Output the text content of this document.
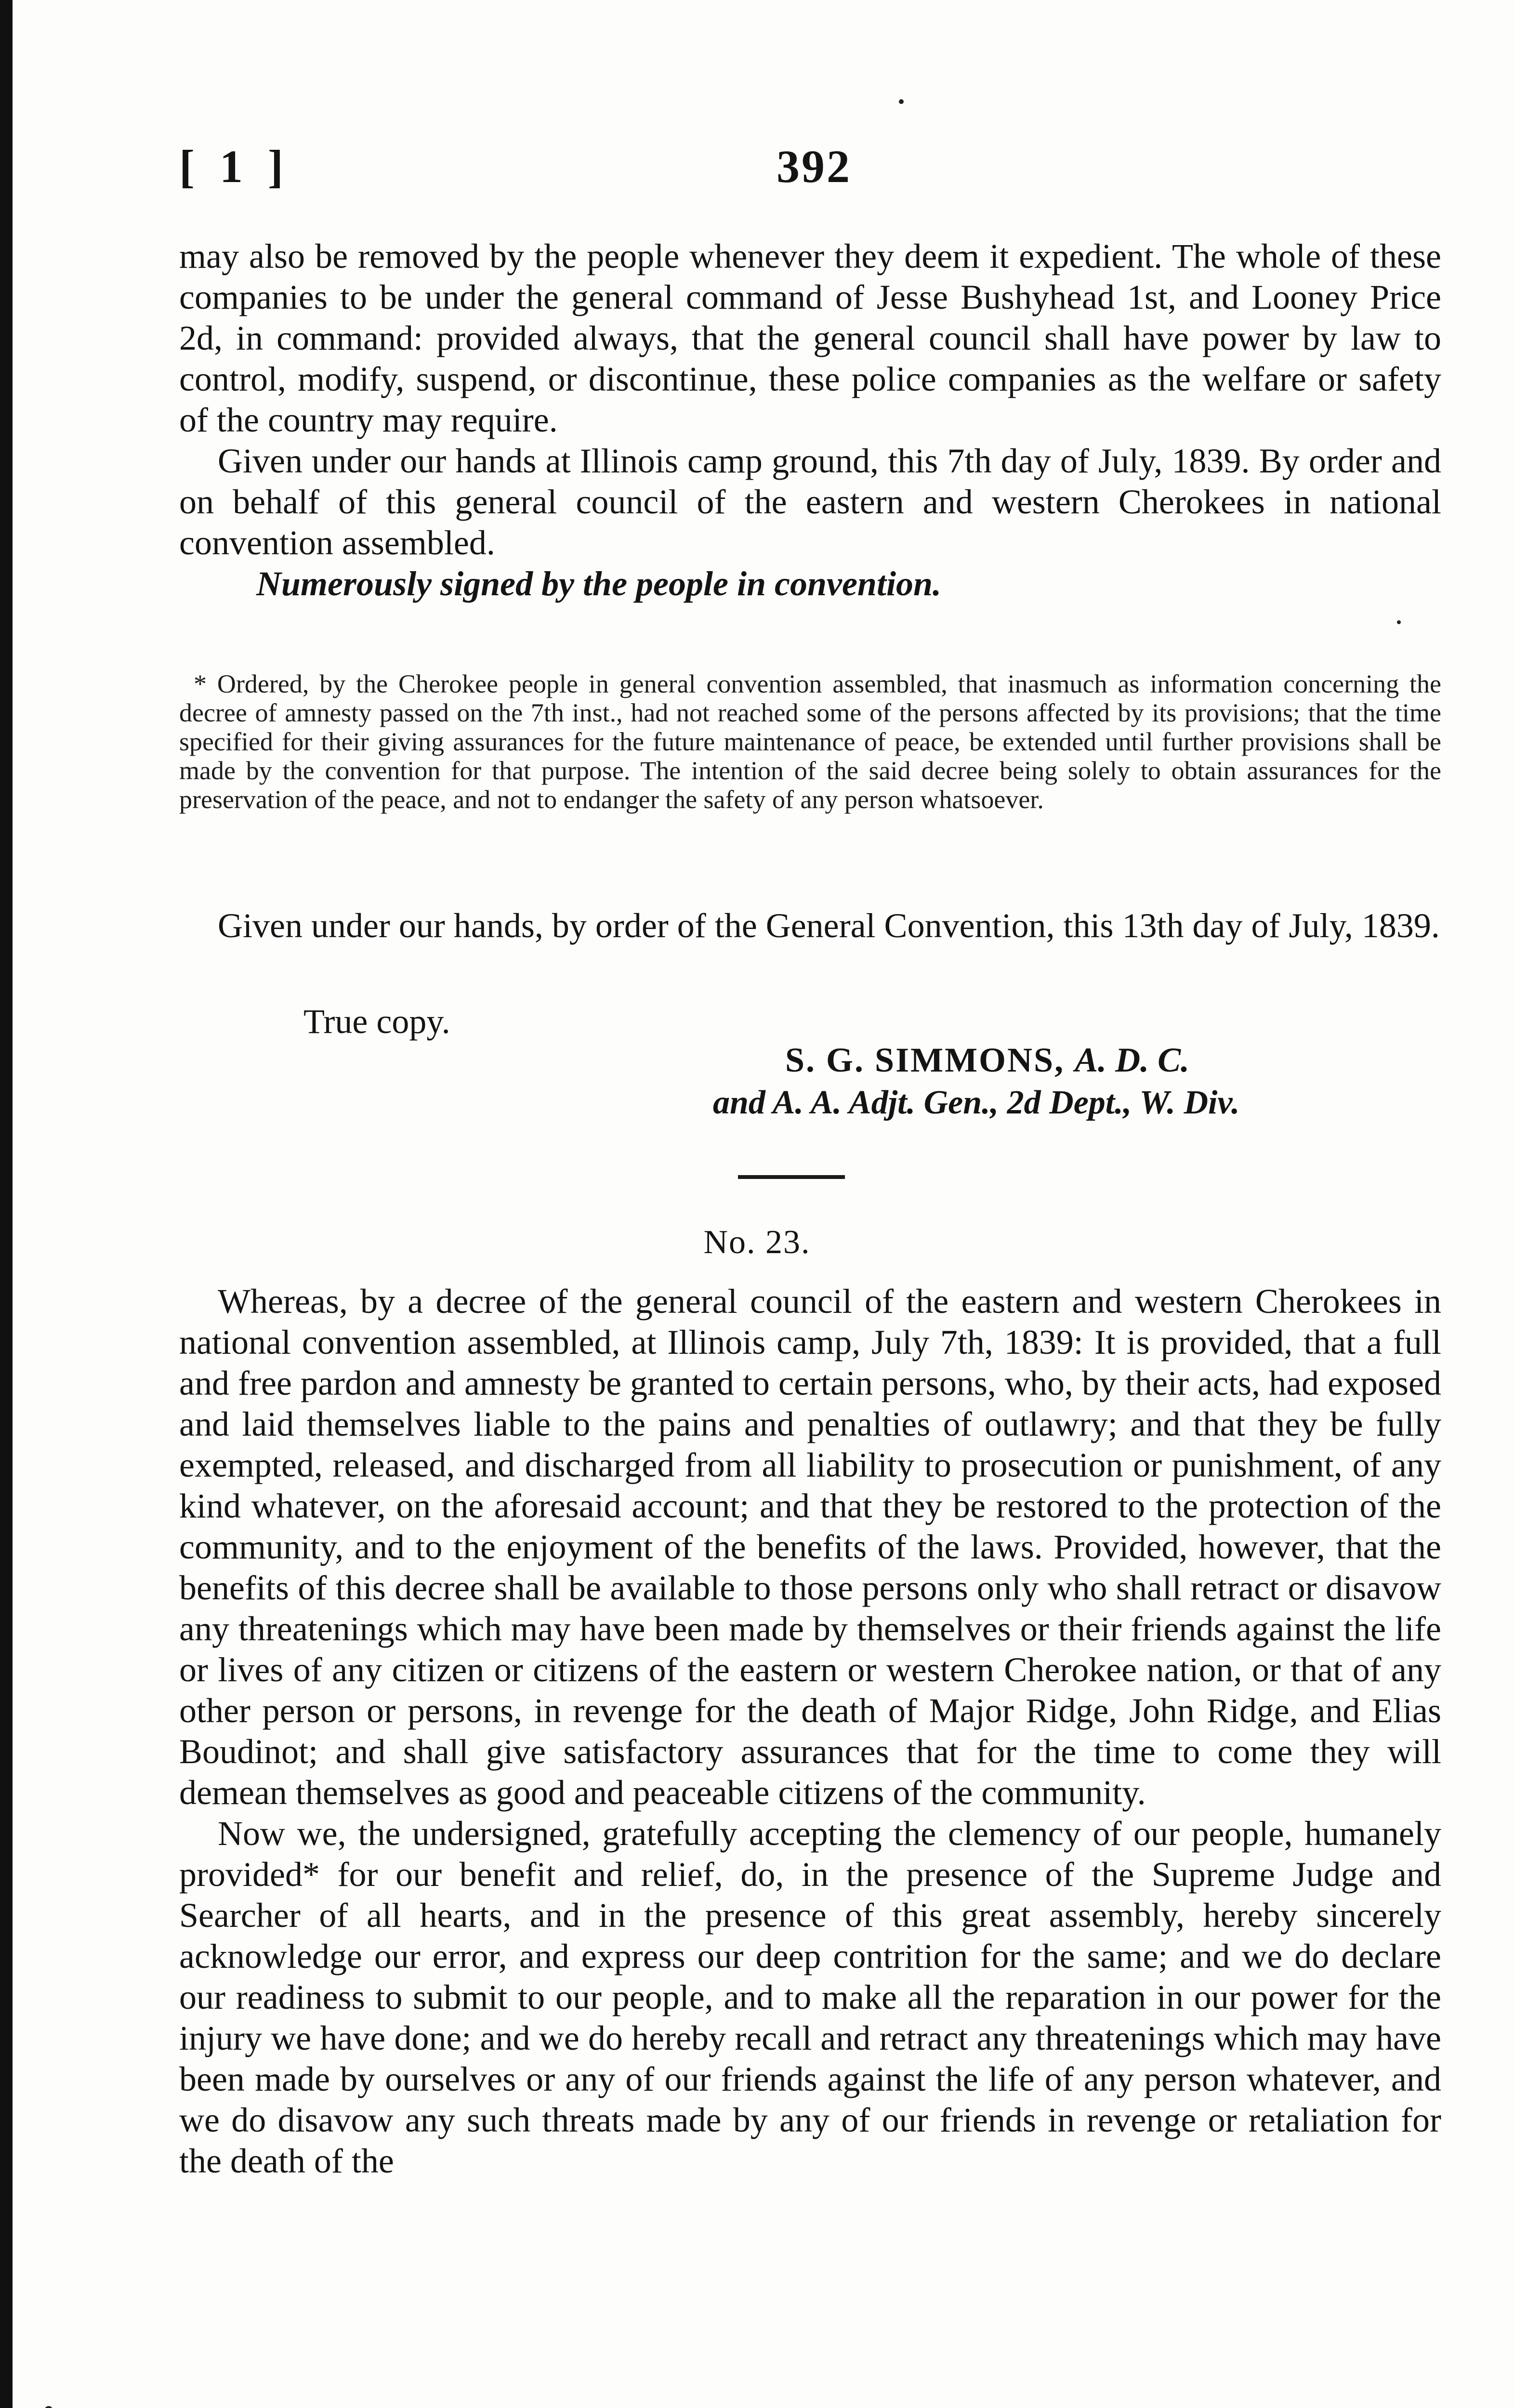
[ 1 ]	392

may also be removed by the people whenever they deem it expedient. The whole of these companies to be under the general command of Jesse Bushyhead 1st, and Looney Price 2d, in command: provided always, that the general council shall have power by law to control, modify, suspend, or discontinue, these police companies as the welfare or safety of the country may require.

Given under our hands at Illinois camp ground, this 7th day of July, 1839. By order and on behalf of this general council of the eastern and western Cherokees in national convention assembled.

Numerously signed by the people in convention.

* Ordered, by the Cherokee people in general convention assembled, that inasmuch as information concerning the decree of amnesty passed on the 7th inst., had not reached some of the persons affected by its provisions; that the time specified for their giving assurances for the future maintenance of peace, be extended until further provisions shall be made by the convention for that purpose. The intention of the said decree being solely to obtain assurances for the preservation of the peace, and not to endanger the safety of any person whatsoever.

Given under our hands, by order of the General Convention, this 13th day of July, 1839.

True copy.
S. G. SIMMONS, A. D. C.
and A. A. Adjt. Gen., 2d Dept., W. Div.
No. 23.

Whereas, by a decree of the general council of the eastern and western Cherokees in national convention assembled, at Illinois camp, July 7th, 1839: It is provided, that a full and free pardon and amnesty be granted to certain persons, who, by their acts, had exposed and laid themselves liable to the pains and penalties of outlawry; and that they be fully exempted, released, and discharged from all liability to prosecution or punishment, of any kind whatever, on the aforesaid account; and that they be restored to the protection of the community, and to the enjoyment of the benefits of the laws. Provided, however, that the benefits of this decree shall be available to those persons only who shall retract or disavow any threatenings which may have been made by themselves or their friends against the life or lives of any citizen or citizens of the eastern or western Cherokee nation, or that of any other person or persons, in revenge for the death of Major Ridge, John Ridge, and Elias Boudinot; and shall give satisfactory assurances that for the time to come they will demean themselves as good and peaceable citizens of the community.

Now we, the undersigned, gratefully accepting the clemency of our people, humanely provided* for our benefit and relief, do, in the presence of the Supreme Judge and Searcher of all hearts, and in the presence of this great assembly, hereby sincerely acknowledge our error, and express our deep contrition for the same; and we do declare our readiness to submit to our people, and to make all the reparation in our power for the injury we have done; and we do hereby recall and retract any threatenings which may have been made by ourselves or any of our friends against the life of any person whatever, and we do disavow any such threats made by any of our friends in revenge or retaliation for the death of the
